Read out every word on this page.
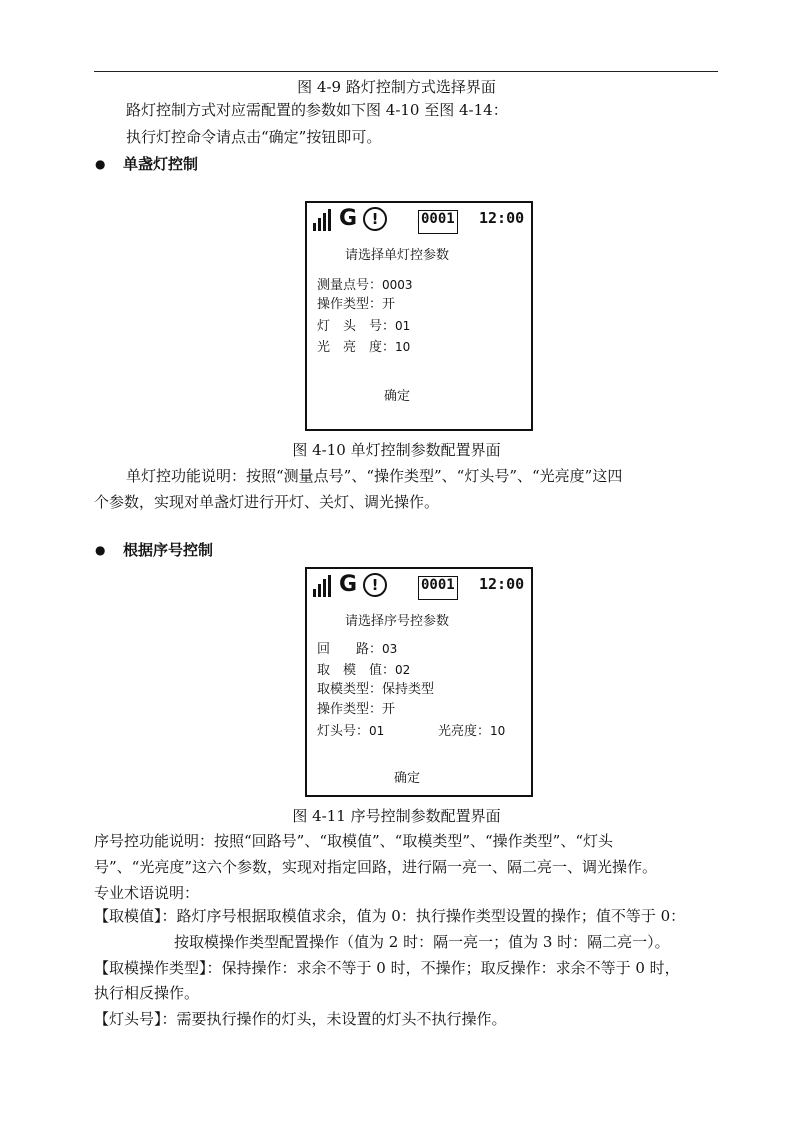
图 4-9 路灯控制方式选择界面
路灯控制方式对应需配置的参数如下图 4-10 至图 4-14：
执行灯控命令请点击“确定”按钮即可。
● 单盏灯控制
G !	0001 12:00
请选择单灯控参数
测量点号：0003
操作类型：开
灯　头　号：01
光　亮　度：10
确定
图 4-10 单灯控制参数配置界面
单灯控功能说明：按照“测量点号”、“操作类型”、“灯头号”、“光亮度”这四
个参数，实现对单盏灯进行开灯、关灯、调光操作。
● 根据序号控制
G !	0001 12:00
请选择序号控参数
回　　路：03
取　模　值：02
取模类型：保持类型
操作类型：开
灯头号：01	光亮度：10
确定
图 4-11 序号控制参数配置界面
序号控功能说明：按照“回路号”、“取模值”、“取模类型”、“操作类型”、“灯头
号”、“光亮度”这六个参数，实现对指定回路，进行隔一亮一、隔二亮一、调光操作。
专业术语说明：
【取模值】：路灯序号根据取模值求余，值为 0：执行操作类型设置的操作；值不等于 0：
按取模操作类型配置操作（值为 2 时：隔一亮一；值为 3 时：隔二亮一）。
【取模操作类型】：保持操作：求余不等于 0 时，不操作；取反操作：求余不等于 0 时，
执行相反操作。
【灯头号】：需要执行操作的灯头，未设置的灯头不执行操作。
